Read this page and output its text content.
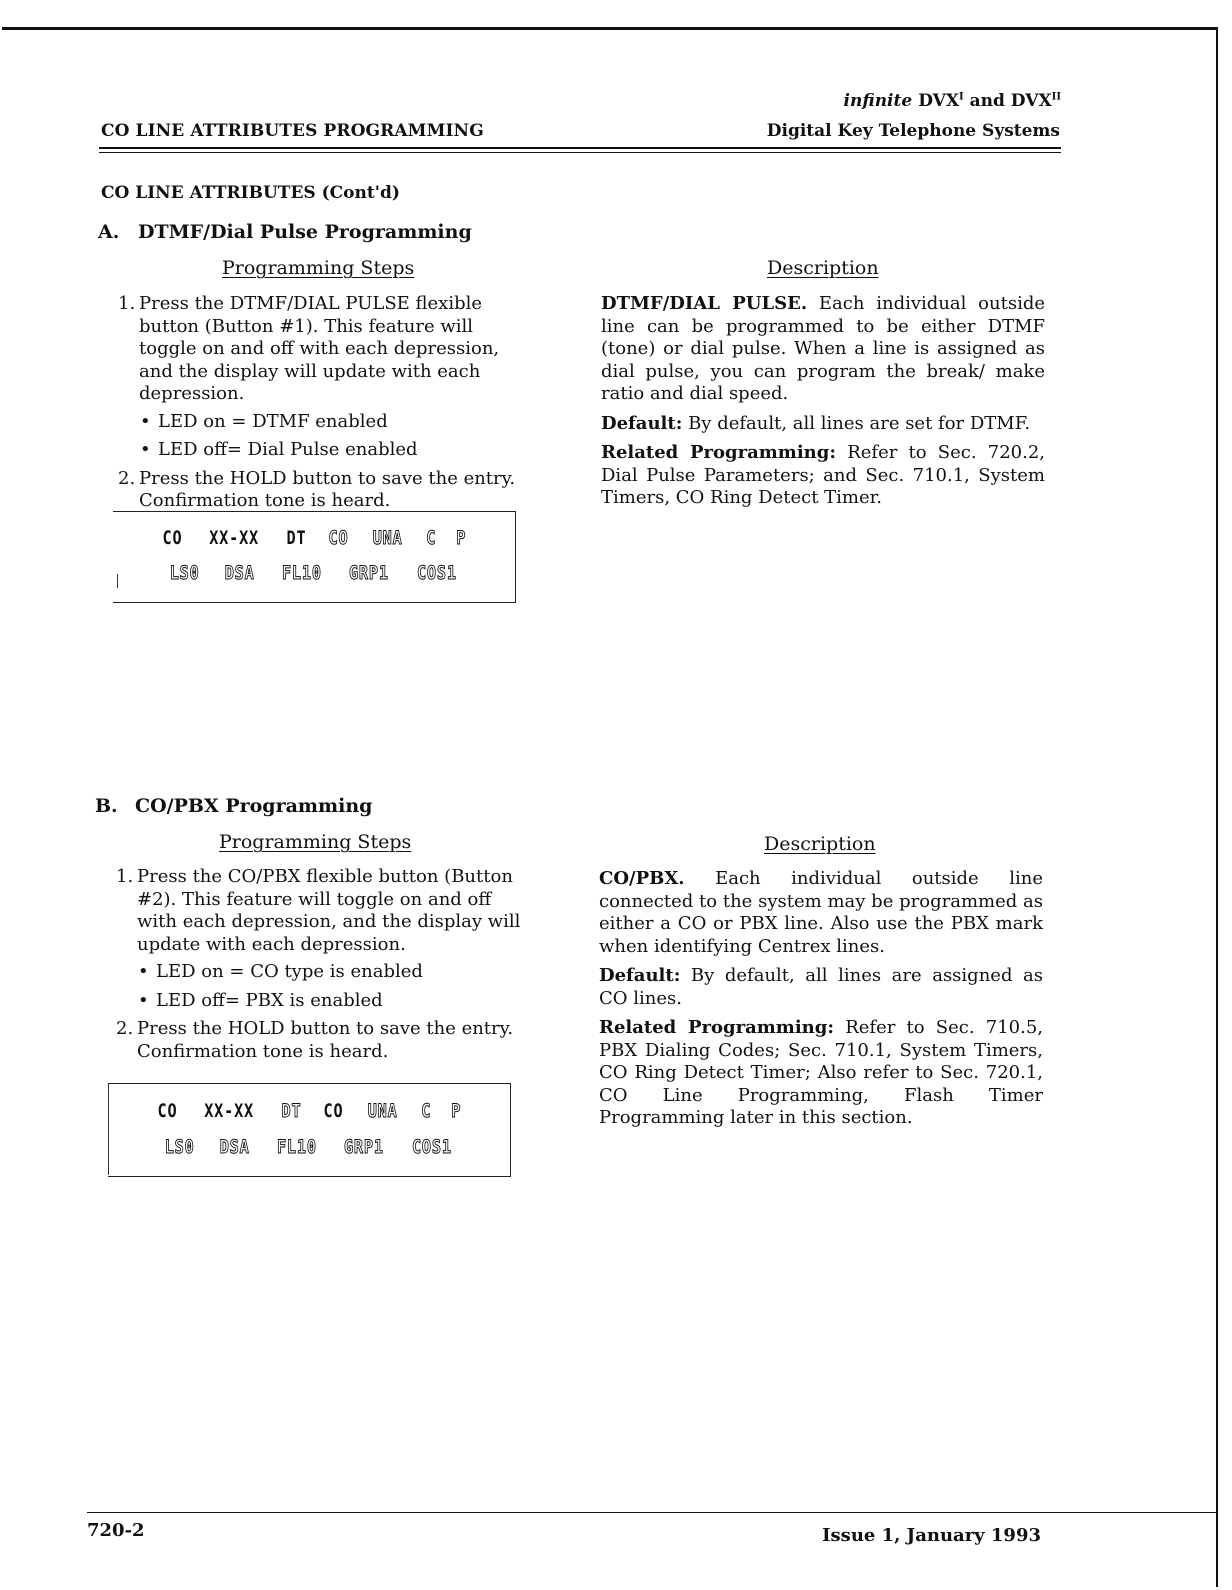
CO LINE ATTRIBUTES PROGRAMMING
infinite $DVX^I$ and $DVX^{II}$
Digital Key Telephone Systems
CO LINE ATTRIBUTES (Cont'd)
A. DTMF/Dial Pulse Programming
Programming Steps	Description
1. Press the DTMF/DIAL PULSE flexible button (Button #1). This feature will toggle on and off with each depression, and the display will update with each depression.
• LED on = DTMF enabled
• LED off= Dial Pulse enabled
2. Press the HOLD button to save the entry. Confirmation tone is heard.

DTMF/DIAL PULSE. Each individual outside line can be programmed to be either DTMF (tone) or dial pulse. When a line is assigned as dial pulse, you can program the break/ make ratio and dial speed.

Default: By default, all lines are set for DTMF.

Related Programming: Refer to Sec. 720.2, Dial Pulse Parameters; and Sec. 710.1, System Timers, CO Ring Detect Timer.

CO XX-XX DT CO UNA C P
LS0 DSA FL10 GRP1 COS1
B. CO/PBX Programming
Programming Steps	Description
1. Press the CO/PBX flexible button (Button #2). This feature will toggle on and off with each depression, and the display will update with each depression.
• LED on = CO type is enabled
• LED off= PBX is enabled
2. Press the HOLD button to save the entry. Confirmation tone is heard.

CO/PBX. Each individual outside line connected to the system may be programmed as either a CO or PBX line. Also use the PBX mark when identifying Centrex lines.

Default: By default, all lines are assigned as CO lines.

Related Programming: Refer to Sec. 710.5, PBX Dialing Codes; Sec. 710.1, System Timers, CO Ring Detect Timer; Also refer to Sec. 720.1, CO Line Programming, Flash Timer Programming later in this section.

CO XX-XX DT CO UNA C P
LS0 DSA FL10 GRP1 COS1
720-2	Issue 1, January 1993
